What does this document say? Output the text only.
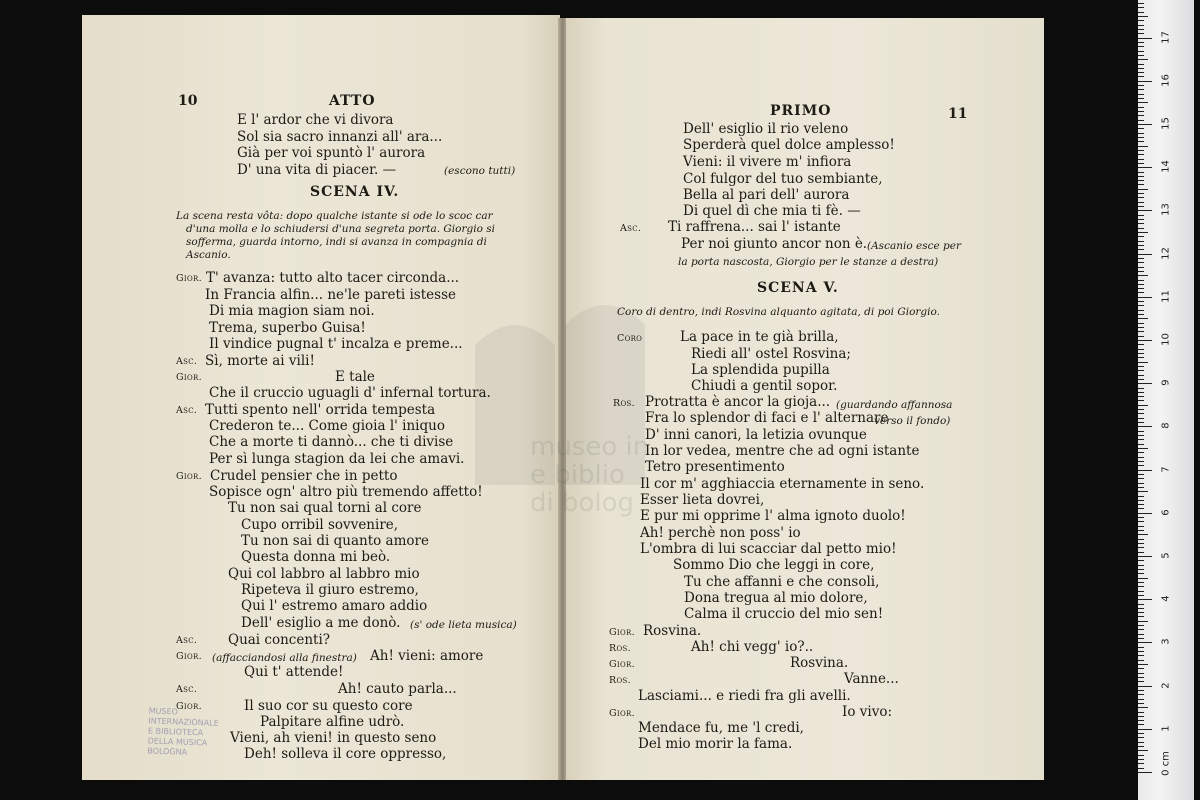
museo in
e biblio
di bolog
10	ATTO
E l' ardor che vi divora
Sol sia sacro innanzi all' ara...
Già per voi spuntò l' aurora
D' una vita di piacer. —	(escono tutti)
SCENA IV.
La scena resta vôta: dopo qualche istante si ode lo scoc car
d'una molla e lo schiudersi d'una segreta porta. Giorgio si
sofferma, guarda intorno, indi si avanza in compagnia di
Ascanio.
Gior. T' avanza: tutto alto tacer circonda...
In Francia alfin... ne'le pareti istesse
Di mia magion siam noi.
Trema, superbo Guisa!
Il vindice pugnal t' incalza e preme...
Asc. Sì, morte ai vili!
Gior.	E tale
Che il cruccio uguagli d' infernal tortura.
Asc. Tutti spento nell' orrida tempesta
Crederon te... Come gioia l' iniquo
Che a morte ti dannò... che ti divise
Per sì lunga stagion da lei che amavi.
Gior. Crudel pensier che in petto
Sopisce ogn' altro più tremendo affetto!
Tu non sai qual torni al core
Cupo orribil sovvenire,
Tu non sai di quanto amore
Questa donna mi beò.
Qui col labbro al labbro mio
Ripeteva il giuro estremo,
Qui l' estremo amaro addio
Dell' esiglio a me donò. (s' ode lieta musica)
Asc. Quai concenti?
Gior. (affacciandosi alla finestra) Ah! vieni: amore
Qui t' attende!
Asc.	Ah! cauto parla...
Gior.	Il suo cor su questo core
Palpitare alfine udrò.
Vieni, ah vieni! in questo seno
Deh! solleva il core oppresso,
MUSEO
INTERNAZIONALE
E BIBLIOTECA
DELLA MUSICA
BOLOGNA
PRIMO	11
Dell' esiglio il rio veleno
Sperderà quel dolce amplesso!
Vieni: il vivere m' infiora
Col fulgor del tuo sembiante,
Bella al pari dell' aurora
Di quel dì che mia ti fè. —
Asc. Ti raffrena... sai l' istante
Per noi giunto ancor non è. (Ascanio esce per
la porta nascosta, Giorgio per le stanze a destra)
SCENA V.
Coro di dentro, indi Rosvina alquanto agitata, di poi Giorgio.
Coro	La pace in te già brilla,
Riedi all' ostel Rosvina;
La splendida pupilla
Chiudi a gentil sopor.
Ros. Protratta è ancor la gioja... (guardando affannosa
Fra lo splendor di faci e l' alternare
verso il fondo)
D' inni canori, la letizia ovunque
In lor vedea, mentre che ad ogni istante
Tetro presentimento
Il cor m' agghiaccia eternamente in seno.
Esser lieta dovrei,
E pur mi opprime l' alma ignoto duolo!
Ah! perchè non poss' io
L'ombra di lui scacciar dal petto mio!
Sommo Dio che leggi in core,
Tu che affanni e che consoli,
Dona tregua al mio dolore,
Calma il cruccio del mio sen!
Gior. Rosvina.
Ros.	Ah! chi vegg' io?..
Gior.	Rosvina.
Ros.	Vanne...
Lasciami... e riedi fra gli avelli.
Gior.	Io vivo:
Mendace fu, me 'l credi,
Del mio morir la fama.
0 cm
1
2
3
4
5
6
7
8
9
10
11
12
13
14
15
16
17
